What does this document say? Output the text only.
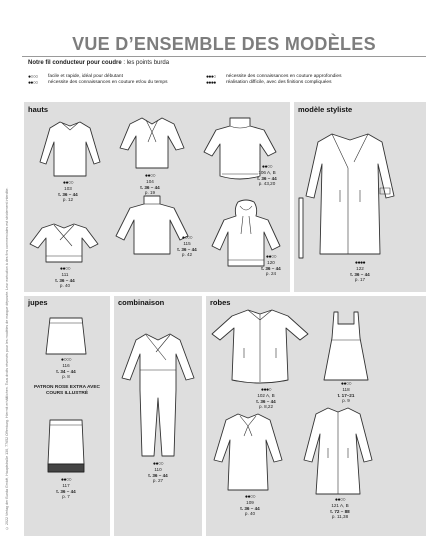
© 2022 Verlag der Burda GmbH, Hauptstraße 130, 77652 Offenburg. Hiermit erhältlichen. Tous droits réservés pour les modèles de marque déposée. Leur exécution à des fins commerciales est strictement interdite.
VUE D’ENSEMBLE DES MODÈLES
Notre fil conducteur pour coudre : les points burda
●○○○	facile et rapide, idéal pour débutant
●●○○	nécessite des connaissances en couture et/ou du temps
●●●○	nécessite des connaissances en couture approfondies
●●●●	réalisation difficile, avec des finitions compliquées
hauts
●●○○
103
t. 36 – 44
p. 12
●●○○
104
t. 36 – 44
p. 19
●●○○
106 A, B
t. 36 – 44
p. 43,20
●●○○
111
t. 36 – 44
p. 40
●○○○
115
t. 36 – 44
p. 42	●●○○
120
t. 36 – 44
p. 24
modèle styliste
●●●●
122
t. 36 – 44
p. 17
jupes
●○○○
116
t. 34 – 44
p. 8
PATRON ROSE EXTRA AVEC COURS ILLUSTRÉ
●●○○
117
t. 36 – 44
p. 7
combinaison
●●○○
110
t. 36 – 44
p. 27
robes
●●●○
102 A, B
t. 36 – 44
p. 8,22
●●○○
118
t. 17–21
p. 9
●●○○
109
t. 36 – 44
p. 40
●●○○
121 A, B
t. 72 – 88
p. 11,38
